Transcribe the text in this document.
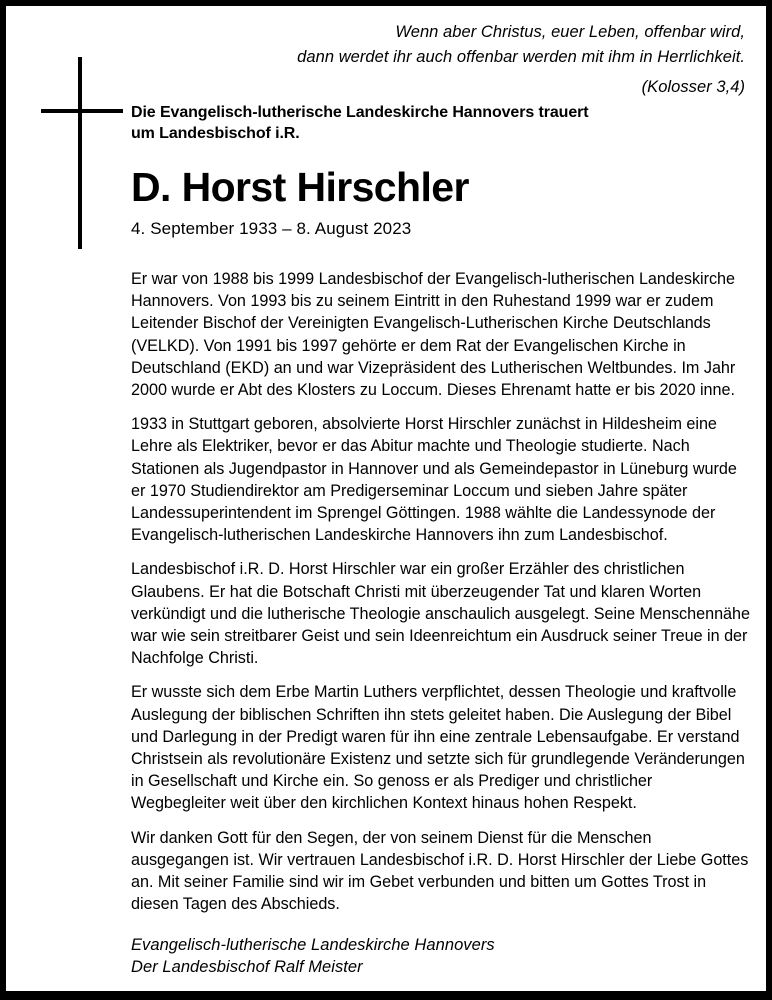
Wenn aber Christus, euer Leben, offenbar wird,
dann werdet ihr auch offenbar werden mit ihm in Herrlichkeit.
(Kolosser 3,4)
Die Evangelisch-lutherische Landeskirche Hannovers trauert
um Landesbischof i.R.
D. Horst Hirschler
4. September 1933 – 8. August 2023

Er war von 1988 bis 1999 Landesbischof der Evangelisch-lutherischen Landeskirche Hannovers. Von 1993 bis zu seinem Eintritt in den Ruhestand 1999 war er zudem Leitender Bischof der Vereinigten Evangelisch-Lutherischen Kirche Deutschlands (VELKD). Von 1991 bis 1997 gehörte er dem Rat der Evangelischen Kirche in Deutschland (EKD) an und war Vizepräsident des Lutherischen Weltbundes. Im Jahr 2000 wurde er Abt des Klosters zu Loccum. Dieses Ehrenamt hatte er bis 2020 inne.

1933 in Stuttgart geboren, absolvierte Horst Hirschler zunächst in Hildesheim eine Lehre als Elektriker, bevor er das Abitur machte und Theologie studierte. Nach Stationen als Jugendpastor in Hannover und als Gemeindepastor in Lüneburg wurde er 1970 Studiendirektor am Predigerseminar Loccum und sieben Jahre später Landessuperintendent im Sprengel Göttingen. 1988 wählte die Landessynode der Evangelisch-lutherischen Landeskirche Hannovers ihn zum Landesbischof.

Landesbischof i.R. D. Horst Hirschler war ein großer Erzähler des christlichen Glaubens. Er hat die Botschaft Christi mit überzeugender Tat und klaren Worten verkündigt und die lutherische Theologie anschaulich ausgelegt. Seine Menschennähe war wie sein streitbarer Geist und sein Ideenreichtum ein Ausdruck seiner Treue in der Nachfolge Christi.

Er wusste sich dem Erbe Martin Luthers verpflichtet, dessen Theologie und kraftvolle Auslegung der biblischen Schriften ihn stets geleitet haben. Die Auslegung der Bibel und Darlegung in der Predigt waren für ihn eine zentrale Lebensaufgabe. Er verstand Christsein als revolutionäre Existenz und setzte sich für grundlegende Veränderungen in Gesellschaft und Kirche ein. So genoss er als Prediger und christlicher Wegbegleiter weit über den kirchlichen Kontext hinaus hohen Respekt.

Wir danken Gott für den Segen, der von seinem Dienst für die Menschen ausgegangen ist. Wir vertrauen Landesbischof i.R. D. Horst Hirschler der Liebe Gottes an. Mit seiner Familie sind wir im Gebet verbunden und bitten um Gottes Trost in diesen Tagen des Abschieds.

Evangelisch-lutherische Landeskirche Hannovers
Der Landesbischof Ralf Meister
